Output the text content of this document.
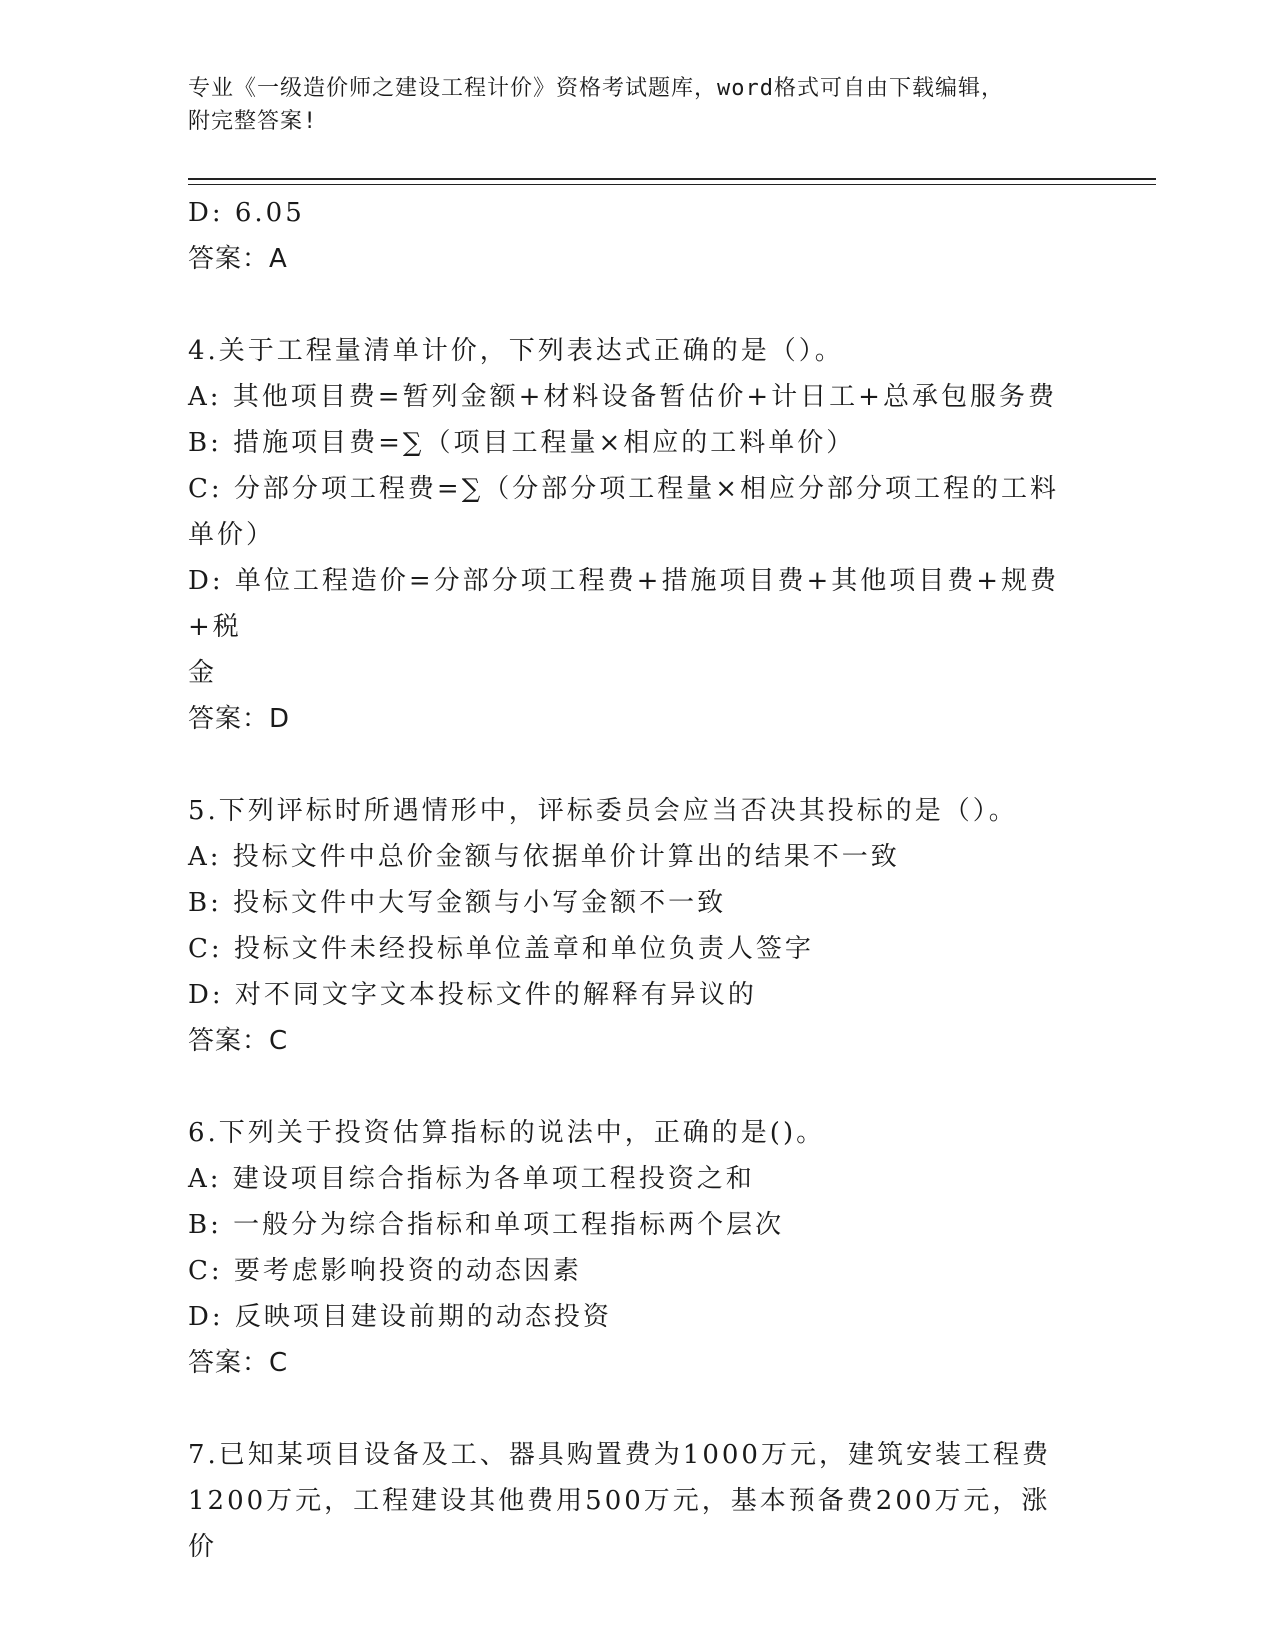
专业《一级造价师之建设工程计价》资格考试题库，word格式可自由下载编辑，
附完整答案!
D: 6.05
答案：A
4.关于工程量清单计价，下列表达式正确的是（）。
A: 其他项目费=暂列金额+材料设备暂估价+计日工+总承包服务费
B: 措施项目费=∑（项目工程量×相应的工料单价）
C: 分部分项工程费=∑（分部分项工程量×相应分部分项工程的工料
单价）
D: 单位工程造价=分部分项工程费+措施项目费+其他项目费+规费+税
金
答案：D
5.下列评标时所遇情形中，评标委员会应当否决其投标的是（）。
A: 投标文件中总价金额与依据单价计算出的结果不一致
B: 投标文件中大写金额与小写金额不一致
C: 投标文件未经投标单位盖章和单位负责人签字
D: 对不同文字文本投标文件的解释有异议的
答案：C
6.下列关于投资估算指标的说法中，正确的是()。
A: 建设项目综合指标为各单项工程投资之和
B: 一般分为综合指标和单项工程指标两个层次
C: 要考虑影响投资的动态因素
D: 反映项目建设前期的动态投资
答案：C
7.已知某项目设备及工、器具购置费为1000万元，建筑安装工程费
1200万元，工程建设其他费用500万元，基本预备费200万元，涨价
